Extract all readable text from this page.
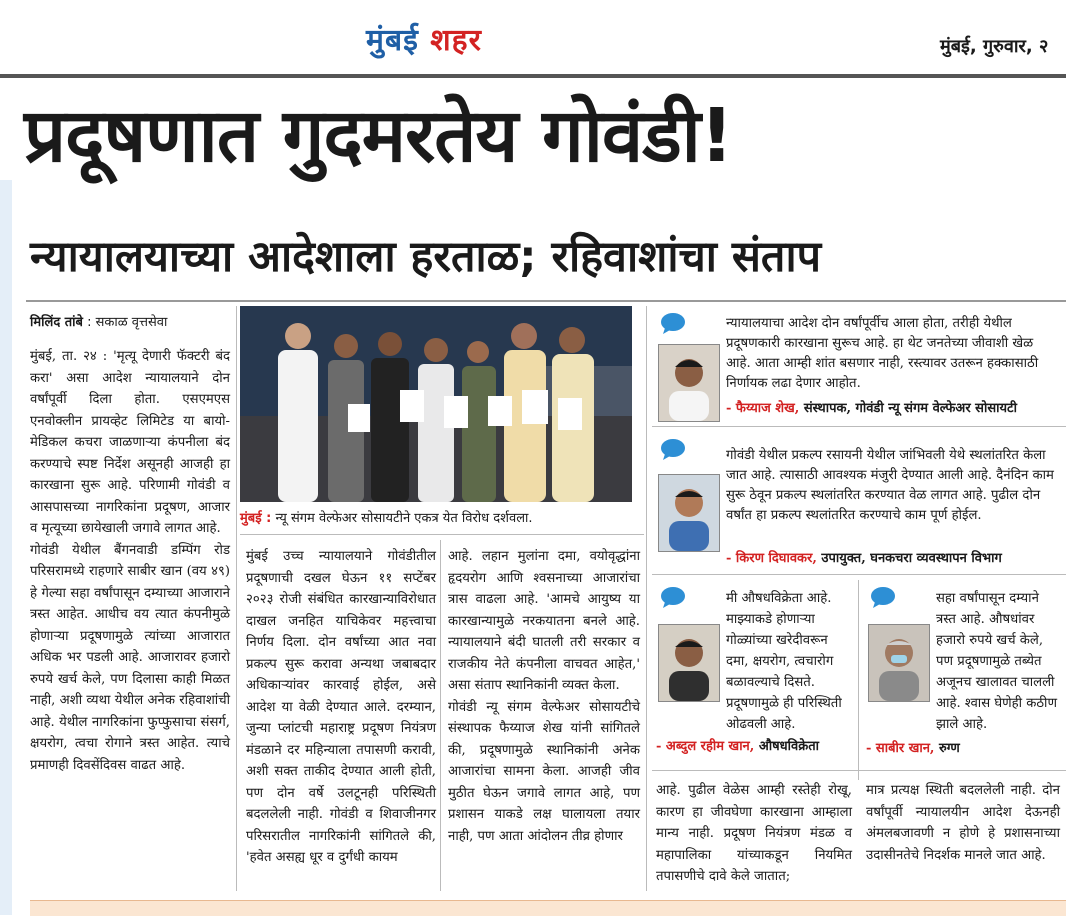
मुंबई शहर	मुंबई, गुरुवार, २
प्रदूषणात गुदमरतेय गोवंडी!
न्यायालयाच्या आदेशाला हरताळ; रहिवाशांचा संताप
मिलिंद तांबे : सकाळ वृत्तसेवा
मुंबई, ता. २४ : 'मृत्यू देणारी फॅक्टरी बंद करा' असा आदेश न्यायालयाने दोन वर्षांपूर्वी दिला होता. एसएमएस एनवोक्लीन प्रायव्हेट लिमिटेड या बायो-मेडिकल कचरा जाळणाऱ्या कंपनीला बंद करण्याचे स्पष्ट निर्देश असूनही आजही हा कारखाना सुरू आहे. परिणामी गोवंडी व आसपासच्या नागरिकांना प्रदूषण, आजार व मृत्यूच्या छायेखाली जगावे लागत आहे.
गोवंडी येथील बैंगनवाडी डम्पिंग रोड परिसरामध्ये राहणारे साबीर खान (वय ४९) हे गेल्या सहा वर्षांपासून दम्याच्या आजाराने त्रस्त आहेत. आधीच वय त्यात कंपनीमुळे होणाऱ्या प्रदूषणामुळे त्यांच्या आजारात अधिक भर पडली आहे. आजारावर हजारो रुपये खर्च केले, पण दिलासा काही मिळत नाही, अशी व्यथा येथील अनेक रहिवाशांची आहे. येथील नागरिकांना फुप्फुसाचा संसर्ग, क्षयरोग, त्वचा रोगाने त्रस्त आहेत. त्याचे प्रमाणही दिवसेंदिवस वाढत आहे.
मुंबई : न्यू संगम वेल्फेअर सोसायटीने एकत्र येत विरोध दर्शवला.
मुंबई उच्च न्यायालयाने गोवंडीतील प्रदूषणाची दखल घेऊन ११ सप्टेंबर २०२३ रोजी संबंधित कारखान्याविरोधात दाखल जनहित याचिकेवर महत्त्वाचा निर्णय दिला. दोन वर्षांच्या आत नवा प्रकल्प सुरू करावा अन्यथा जबाबदार अधिकाऱ्यांवर कारवाई होईल, असे आदेश या वेळी देण्यात आले. दरम्यान, जुन्या प्लांटची महाराष्ट्र प्रदूषण नियंत्रण मंडळाने दर महिन्याला तपासणी करावी, अशी सक्त ताकीद देण्यात आली होती, पण दोन वर्षे उलटूनही परिस्थिती बदललेली नाही. गोवंडी व शिवाजीनगर परिसरातील नागरिकांनी सांगितले की, 'हवेत असह्य धूर व दुर्गंधी कायम
आहे. लहान मुलांना दमा, वयोवृद्धांना हृदयरोग आणि श्वसनाच्या आजारांचा त्रास वाढला आहे. 'आमचे आयुष्य या कारखान्यामुळे नरकयातना बनले आहे. न्यायालयाने बंदी घातली तरी सरकार व राजकीय नेते कंपनीला वाचवत आहेत,' असा संताप स्थानिकांनी व्यक्त केला.
गोवंडी न्यू संगम वेल्फेअर सोसायटीचे संस्थापक फैय्याज शेख यांनी सांगितले की, प्रदूषणामुळे स्थानिकांनी अनेक आजारांचा सामना केला. आजही जीव मुठीत घेऊन जगावे लागत आहे, पण प्रशासन याकडे लक्ष घालायला तयार नाही, पण आता आंदोलन तीव्र होणार
न्यायालयाचा आदेश दोन वर्षांपूर्वीच आला होता, तरीही येथील प्रदूषणकारी कारखाना सुरूच आहे. हा थेट जनतेच्या जीवाशी खेळ आहे. आता आम्ही शांत बसणार नाही, रस्त्यावर उतरून हक्कासाठी निर्णायक लढा देणार आहोत.
- फैय्याज शेख, संस्थापक, गोवंडी न्यू संगम वेल्फेअर सोसायटी
गोवंडी येथील प्रकल्प रसायनी येथील जांभिवली येथे स्थलांतरित केला जात आहे. त्यासाठी आवश्यक मंजुरी देण्यात आली आहे. दैनंदिन काम सुरू ठेवून प्रकल्प स्थलांतरित करण्यात वेळ लागत आहे. पुढील दोन वर्षांत हा प्रकल्प स्थलांतरित करण्याचे काम पूर्ण होईल.
- किरण दिघावकर, उपायुक्त, घनकचरा व्यवस्थापन विभाग
मी औषधविक्रेता आहे. माझ्याकडे होणाऱ्या गोळ्यांच्या खरेदीवरून दमा, क्षयरोग, त्वचारोग बळावल्याचे दिसते. प्रदूषणामुळे ही परिस्थिती ओढवली आहे.
- अब्दुल रहीम खान, औषधविक्रेता
सहा वर्षांपासून दम्याने त्रस्त आहे. औषधांवर हजारो रुपये खर्च केले, पण प्रदूषणामुळे तब्येत अजूनच खालावत चालली आहे. श्वास घेणेही कठीण झाले आहे.
- साबीर खान, रुग्ण
आहे. पुढील वेळेस आम्ही रस्तेही रोखू, कारण हा जीवघेणा कारखाना आम्हाला मान्य नाही. प्रदूषण नियंत्रण मंडळ व महापालिका यांच्याकडून नियमित तपासणीचे दावे केले जातात;
मात्र प्रत्यक्ष स्थिती बदललेली नाही. दोन वर्षांपूर्वी न्यायालयीन आदेश देऊनही अंमलबजावणी न होणे हे प्रशासनाच्या उदासीनतेचे निदर्शक मानले जात आहे.
